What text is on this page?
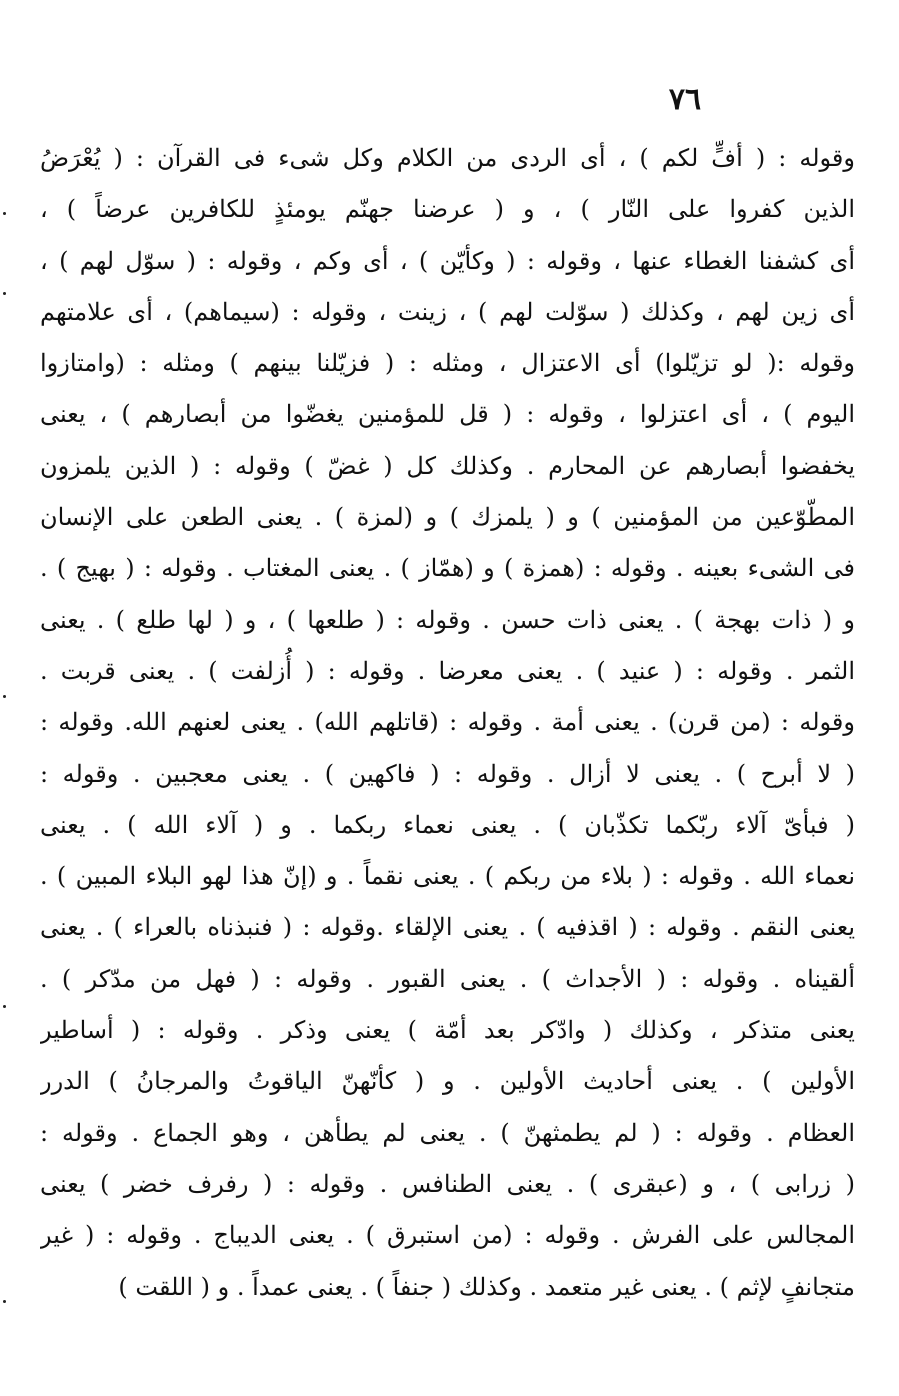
٧٦
وقوله : ( أفٍّ لكم ) ، أى الردى من الكلام وكل شىء فى القرآن : ( يُعْرَضُ
الذين كفروا على النّار ) ، و ( عرضنا جهنّم يومئذٍ للكافرين عرضاً ) ،
أى كشفنا الغطاء عنها ، وقوله : ( وكأيّن ) ، أى وكم ، وقوله : ( سوّل لهم ) ،
أى زين لهم ، وكذلك ( سوّلت لهم ) ، زينت ، وقوله : (سيماهم) ، أى علامتهم
وقوله :( لو تزيّلوا) أى الاعتزال ، ومثله : ( فزيّلنا بينهم ) ومثله : (وامتازوا
اليوم ) ، أى اعتزلوا ، وقوله : ( قل للمؤمنين يغضّوا من أبصارهم ) ، يعنى
يخفضوا أبصارهم عن المحارم . وكذلك كل ( غضّ ) وقوله : ( الذين يلمزون
المطّوّعين من المؤمنين ) و ( يلمزك ) و (لمزة ) . يعنى الطعن على الإنسان
فى الشىء بعينه . وقوله : (همزة ) و (همّاز ) . يعنى المغتاب . وقوله : ( بهيج ) .
و ( ذات بهجة ) . يعنى ذات حسن . وقوله : ( طلعها ) ، و ( لها طلع ) . يعنى
الثمر . وقوله : ( عنيد ) . يعنى معرضا . وقوله : ( أُزلفت ) . يعنى قربت .
وقوله : (من قرن) . يعنى أمة . وقوله : (قاتلهم الله) . يعنى لعنهم الله. وقوله :
( لا أبرح ) . يعنى لا أزال . وقوله : ( فاكهين ) . يعنى معجبين . وقوله :
( فبأىّ آلاء ربّكما تكذّبان ) . يعنى نعماء ربكما . و ( آلاء الله ) . يعنى
نعماء الله . وقوله : ( بلاء من ربكم ) . يعنى نقماً . و (إنّ هذا لهو البلاء المبين ) .
يعنى النقم . وقوله : ( اقذفيه ) . يعنى الإلقاء .وقوله : ( فنبذناه بالعراء ) . يعنى
ألقيناه . وقوله : ( الأجداث ) . يعنى القبور . وقوله : ( فهل من مدّكر ) .
يعنى متذكر ، وكذلك ( وادّكر بعد أمّة ) يعنى وذكر . وقوله : ( أساطير
الأولين ) . يعنى أحاديث الأولين . و ( كأنّهنّ الياقوتُ والمرجانُ ) الدرر
العظام . وقوله : ( لم يطمثهنّ ) . يعنى لم يطأهن ، وهو الجماع . وقوله :
( زرابى ) ، و (عبقرى ) . يعنى الطنافس . وقوله : ( رفرف خضر ) يعنى
المجالس على الفرش . وقوله : (من استبرق ) . يعنى الديباج . وقوله : ( غير
متجانفٍ لإثم ) . يعنى غير متعمد . وكذلك ( جنفاً ) . يعنى عمداً . و ( اللقت )
